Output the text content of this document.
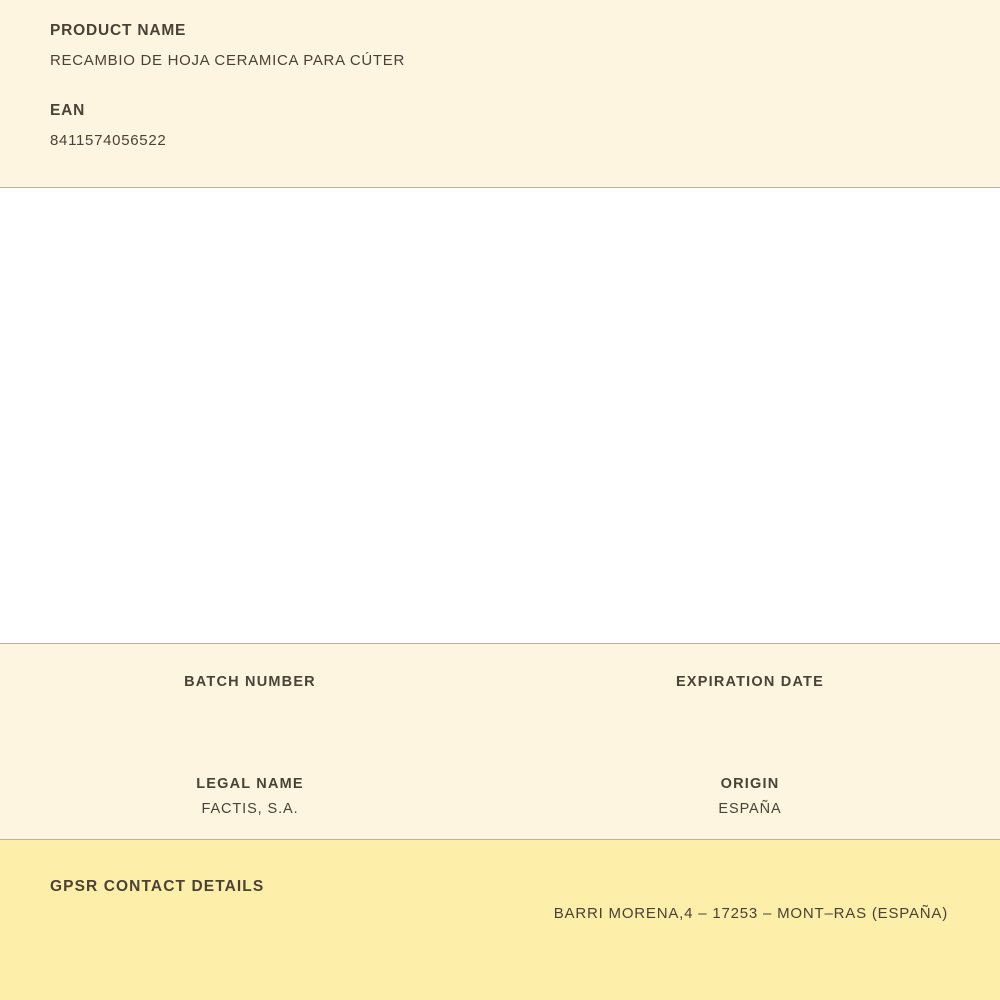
PRODUCT NAME

RECAMBIO DE HOJA CERAMICA PARA CÚTER

EAN

8411574056522

BATCH NUMBER	EXPIRATION DATE

LEGAL NAME

FACTIS, S.A.

ORIGIN

ESPAÑA

GPSR CONTACT DETAILS

BARRI MORENA,4 – 17253 – MONT–RAS (ESPAÑA)
